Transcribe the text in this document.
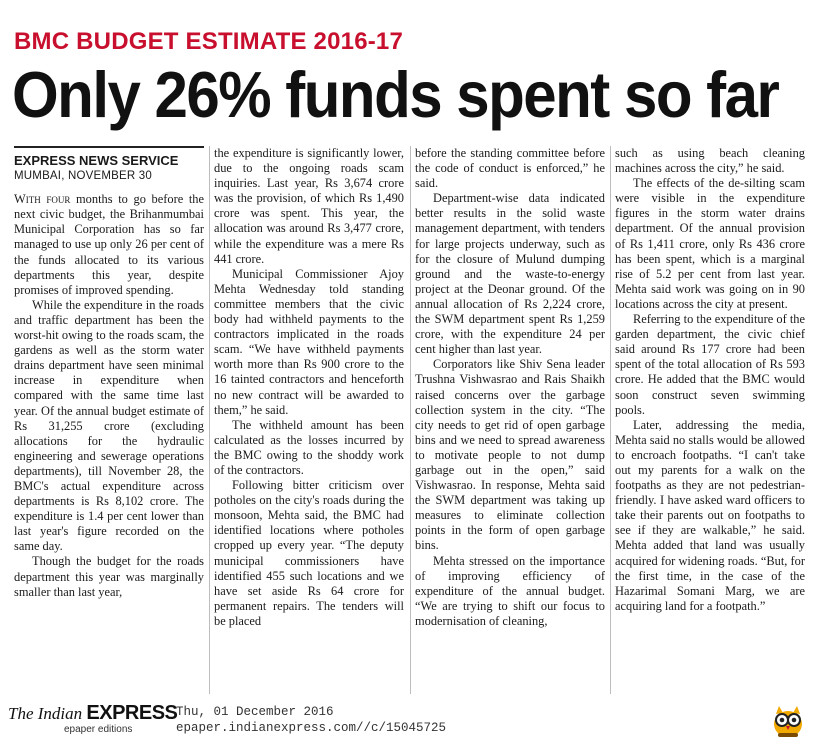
BMC BUDGET ESTIMATE 2016-17
Only 26% funds spent so far
EXPRESS NEWS SERVICE
MUMBAI, NOVEMBER 30

With four months to go before the next civic budget, the Brihanmumbai Municipal Corporation has so far managed to use up only 26 per cent of the funds allocated to its various departments this year, despite promises of improved spending.

While the expenditure in the roads and traffic department has been the worst-hit owing to the roads scam, the gardens as well as the storm water drains department have seen minimal increase in expenditure when compared with the same time last year. Of the annual budget estimate of Rs 31,255 crore (excluding allocations for the hydraulic engineering and sewerage operations departments), till November 28, the BMC's actual expenditure across departments is Rs 8,102 crore. The expenditure is 1.4 per cent lower than last year's figure recorded on the same day.

Though the budget for the roads department this year was marginally smaller than last year,

the expenditure is significantly lower, due to the ongoing roads scam inquiries. Last year, Rs 3,674 crore was the provision, of which Rs 1,490 crore was spent. This year, the allocation was around Rs 3,477 crore, while the expenditure was a mere Rs 441 crore.

Municipal Commissioner Ajoy Mehta Wednesday told standing committee members that the civic body had withheld payments to the contractors implicated in the roads scam. “We have withheld payments worth more than Rs 900 crore to the 16 tainted contractors and henceforth no new contract will be awarded to them,” he said.

The withheld amount has been calculated as the losses incurred by the BMC owing to the shoddy work of the contractors.

Following bitter criticism over potholes on the city's roads during the monsoon, Mehta said, the BMC had identified locations where potholes cropped up every year. “The deputy municipal commissioners have identified 455 such locations and we have set aside Rs 64 crore for permanent repairs. The tenders will be placed

before the standing committee before the code of conduct is enforced,” he said.

Department-wise data indicated better results in the solid waste management department, with tenders for large projects underway, such as for the closure of Mulund dumping ground and the waste-to-energy project at the Deonar ground. Of the annual allocation of Rs 2,224 crore, the SWM department spent Rs 1,259 crore, with the expenditure 24 per cent higher than last year.

Corporators like Shiv Sena leader Trushna Vishwasrao and Rais Shaikh raised concerns over the garbage collection system in the city. “The city needs to get rid of open garbage bins and we need to spread awareness to motivate people to not dump garbage out in the open,” said Vishwasrao. In response, Mehta said the SWM department was taking up measures to eliminate collection points in the form of open garbage bins.

Mehta stressed on the importance of improving efficiency of expenditure of the annual budget. “We are trying to shift our focus to modernisation of cleaning,

such as using beach cleaning machines across the city,” he said.

The effects of the de-silting scam were visible in the expenditure figures in the storm water drains department. Of the annual provision of Rs 1,411 crore, only Rs 436 crore has been spent, which is a marginal rise of 5.2 per cent from last year. Mehta said work was going on in 90 locations across the city at present.

Referring to the expenditure of the garden department, the civic chief said around Rs 177 crore had been spent of the total allocation of Rs 593 crore. He added that the BMC would soon construct seven swimming pools.

Later, addressing the media, Mehta said no stalls would be allowed to encroach footpaths. “I can't take out my parents for a walk on the footpaths as they are not pedestrian-friendly. I have asked ward officers to take their parents out on footpaths to see if they are walkable,” he said. Mehta added that land was usually acquired for widening roads. “But, for the first time, in the case of the Hazarimal Somani Marg, we are acquiring land for a footpath.”

The Indian EXPRESS
epaper editions
Thu, 01 December 2016
epaper.indianexpress.com//c/15045725
